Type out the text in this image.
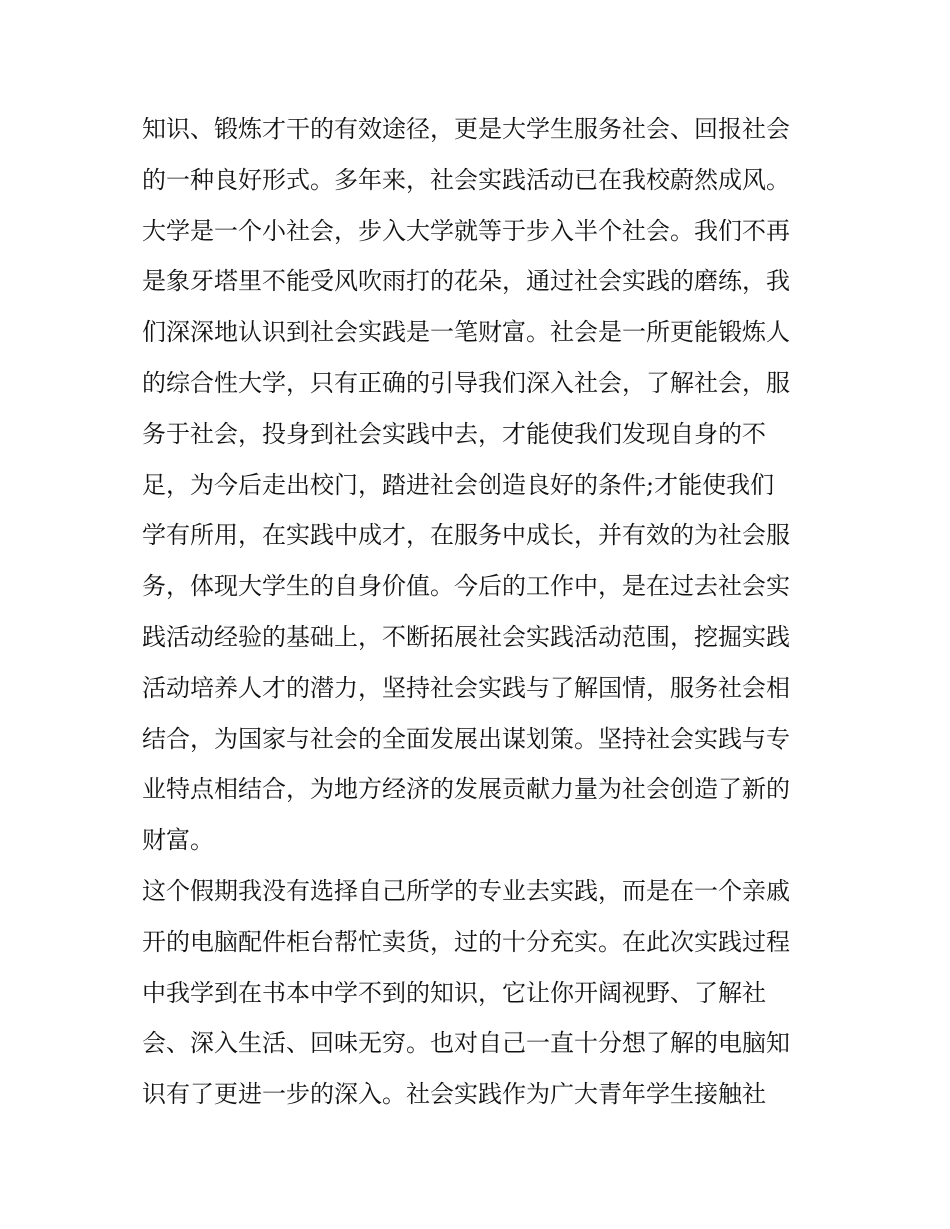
知识、锻炼才干的有效途径，更是大学生服务社会、回报社会
的一种良好形式。多年来，社会实践活动已在我校蔚然成风。
大学是一个小社会，步入大学就等于步入半个社会。我们不再
是象牙塔里不能受风吹雨打的花朵，通过社会实践的磨练，我
们深深地认识到社会实践是一笔财富。社会是一所更能锻炼人
的综合性大学，只有正确的引导我们深入社会，了解社会，服
务于社会，投身到社会实践中去，才能使我们发现自身的不
足，为今后走出校门，踏进社会创造良好的条件;才能使我们
学有所用，在实践中成才，在服务中成长，并有效的为社会服
务，体现大学生的自身价值。今后的工作中，是在过去社会实
践活动经验的基础上，不断拓展社会实践活动范围，挖掘实践
活动培养人才的潜力，坚持社会实践与了解国情，服务社会相
结合，为国家与社会的全面发展出谋划策。坚持社会实践与专
业特点相结合，为地方经济的发展贡献力量为社会创造了新的
财富。
这个假期我没有选择自己所学的专业去实践，而是在一个亲戚
开的电脑配件柜台帮忙卖货，过的十分充实。在此次实践过程
中我学到在书本中学不到的知识，它让你开阔视野、了解社
会、深入生活、回味无穷。也对自己一直十分想了解的电脑知
识有了更进一步的深入。社会实践作为广大青年学生接触社
